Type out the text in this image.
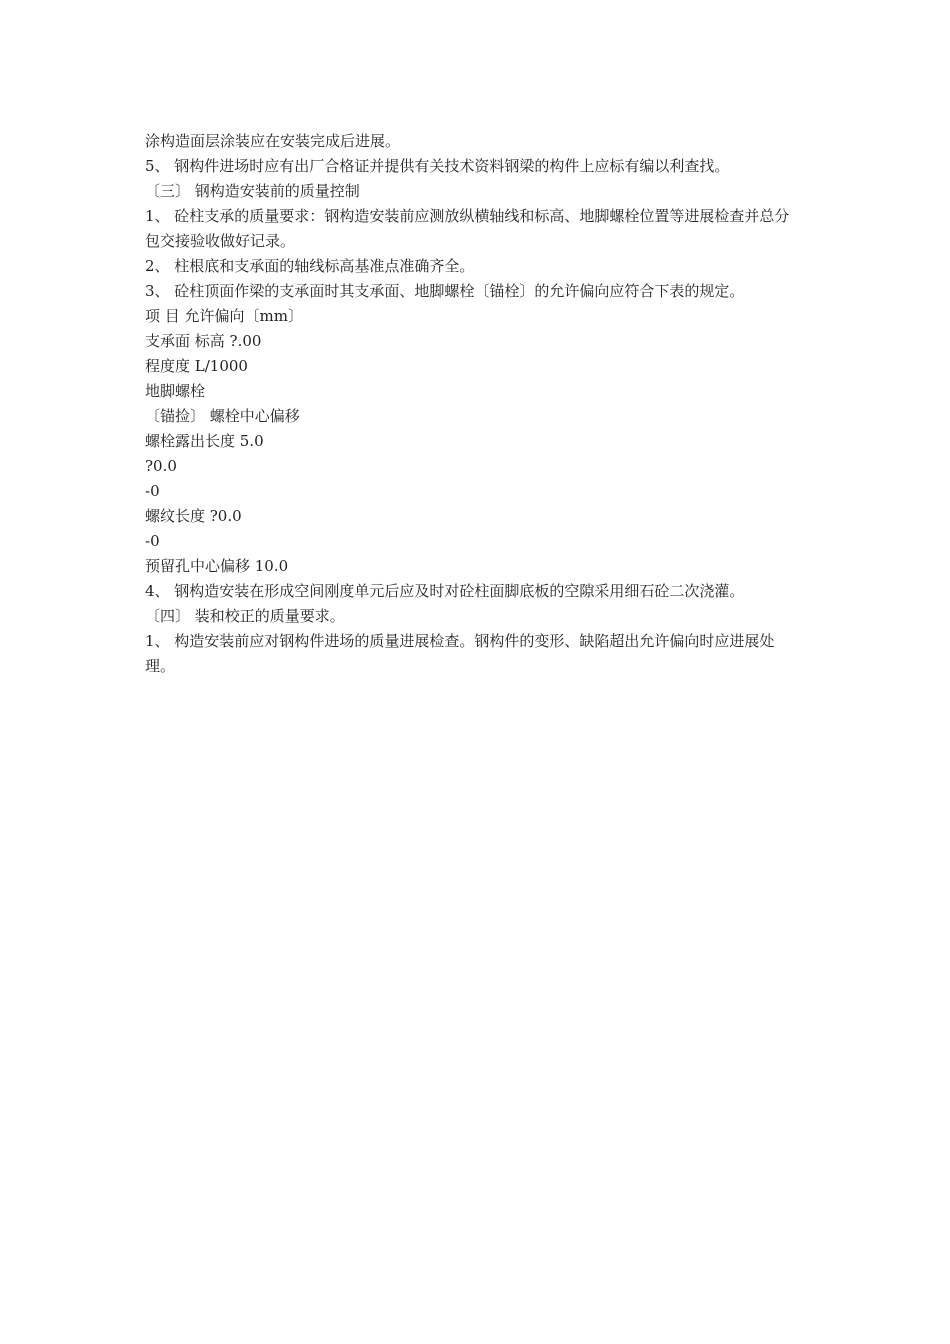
涂构造面层涂装应在安装完成后进展。
5、 钢构件进场时应有出厂合格证并提供有关技术资料钢梁的构件上应标有编以利查找。
〔三〕 钢构造安装前的质量控制
1、 砼柱支承的质量要求：钢构造安装前应测放纵横轴线和标高、地脚螺栓位置等进展检查并总分包交接验收做好记录。
2、 柱根底和支承面的轴线标高基准点准确齐全。
3、 砼柱顶面作梁的支承面时其支承面、地脚螺栓〔锚栓〕的允许偏向应符合下表的规定。
项 目 允许偏向〔mm〕
支承面 标高 ?.00
程度度 L/1000
地脚螺栓
〔锚捡〕 螺栓中心偏移
螺栓露出长度 5.0
?0.0
-0
螺纹长度 ?0.0
-0
预留孔中心偏移 10.0
4、 钢构造安装在形成空间刚度单元后应及时对砼柱面脚底板的空隙采用细石砼二次浇灌。
〔四〕 装和校正的质量要求。
1、 构造安装前应对钢构件进场的质量进展检查。钢构件的变形、缺陷超出允许偏向时应进展处理。
